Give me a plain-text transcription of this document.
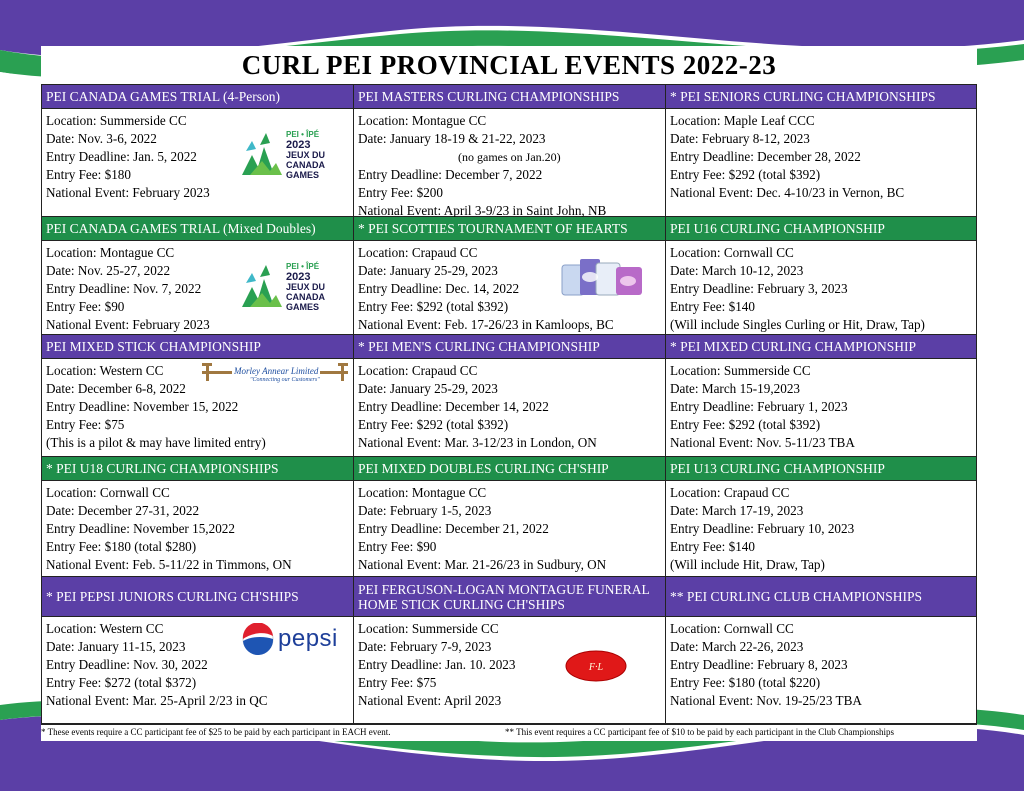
CURL PEI PROVINCIAL EVENTS 2022-23
PEI CANADA GAMES TRIAL (4-Person)
Location: Summerside CC
Date: Nov. 3-6, 2022
Entry Deadline: Jan. 5, 2022
Entry Fee: $180
National Event: February 2023
PEI • ÎPÉ
2023
JEUX DU
CANADA
GAMES
PEI MASTERS CURLING CHAMPIONSHIPS
Location: Montague CC
Date: January 18-19 & 21-22, 2023
(no games on Jan.20)
Entry Deadline: December 7, 2022
Entry Fee: $200
National Event: April 3-9/23 in Saint John, NB
* PEI SENIORS CURLING CHAMPIONSHIPS
Location: Maple Leaf CCC
Date: February 8-12, 2023
Entry Deadline: December 28, 2022
Entry Fee: $292 (total $392)
National Event: Dec. 4-10/23 in Vernon, BC
PEI CANADA GAMES TRIAL (Mixed Doubles)
Location: Montague CC
Date: Nov. 25-27, 2022
Entry Deadline: Nov. 7, 2022
Entry Fee: $90
National Event: February 2023
PEI • ÎPÉ
2023
JEUX DU
CANADA
GAMES
* PEI SCOTTIES TOURNAMENT OF HEARTS
Location: Crapaud CC
Date: January 25-29, 2023
Entry Deadline: Dec. 14, 2022
Entry Fee: $292 (total $392)
National Event: Feb. 17-26/23 in Kamloops, BC
PEI U16 CURLING CHAMPIONSHIP
Location: Cornwall CC
Date: March 10-12, 2023
Entry Deadline: February 3, 2023
Entry Fee: $140
(Will include Singles Curling or Hit, Draw, Tap)
PEI MIXED STICK CHAMPIONSHIP
Location: Western CC
Date: December 6-8, 2022
Entry Deadline: November 15, 2022
Entry Fee: $75
(This is a pilot & may have limited entry)
Morley Annear Limited
"Connecting our Customers"
* PEI MEN'S CURLING CHAMPIONSHIP
Location: Crapaud CC
Date: January 25-29, 2023
Entry Deadline: December 14, 2022
Entry Fee: $292 (total $392)
National Event: Mar. 3-12/23 in London, ON
* PEI MIXED CURLING CHAMPIONSHIP
Location: Summerside CC
Date: March 15-19,2023
Entry Deadline: February 1, 2023
Entry Fee: $292 (total $392)
National Event: Nov. 5-11/23 TBA
* PEI U18 CURLING CHAMPIONSHIPS
Location: Cornwall CC
Date: December 27-31, 2022
Entry Deadline: November 15,2022
Entry Fee: $180 (total $280)
National Event: Feb. 5-11/22 in Timmons, ON
PEI MIXED DOUBLES CURLING CH'SHIP
Location: Montague CC
Date: February 1-5, 2023
Entry Deadline: December 21, 2022
Entry Fee: $90
National Event: Mar. 21-26/23 in Sudbury, ON
PEI U13 CURLING CHAMPIONSHIP
Location: Crapaud CC
Date: March 17-19, 2023
Entry Deadline: February 10, 2023
Entry Fee: $140
(Will include Hit, Draw, Tap)
* PEI PEPSI JUNIORS CURLING CH'SHIPS
Location: Western CC
Date: January 11-15, 2023
Entry Deadline: Nov. 30, 2022
Entry Fee: $272 (total $372)
National Event: Mar. 25-April 2/23 in QC
pepsi
PEI FERGUSON-LOGAN MONTAGUE FUNERAL HOME STICK CURLING CH'SHIPS
Location: Summerside CC
Date: February 7-9, 2023
Entry Deadline: Jan. 10. 2023
Entry Fee: $75
National Event: April 2023
F·L
** PEI CURLING CLUB CHAMPIONSHIPS
Location: Cornwall CC
Date: March 22-26, 2023
Entry Deadline: February 8, 2023
Entry Fee: $180 (total $220)
National Event: Nov. 19-25/23 TBA
* These events require a CC participant fee of $25 to be paid by each participant in EACH event.	** This event requires a CC participant fee of $10 to be paid by each participant in the Club Championships
